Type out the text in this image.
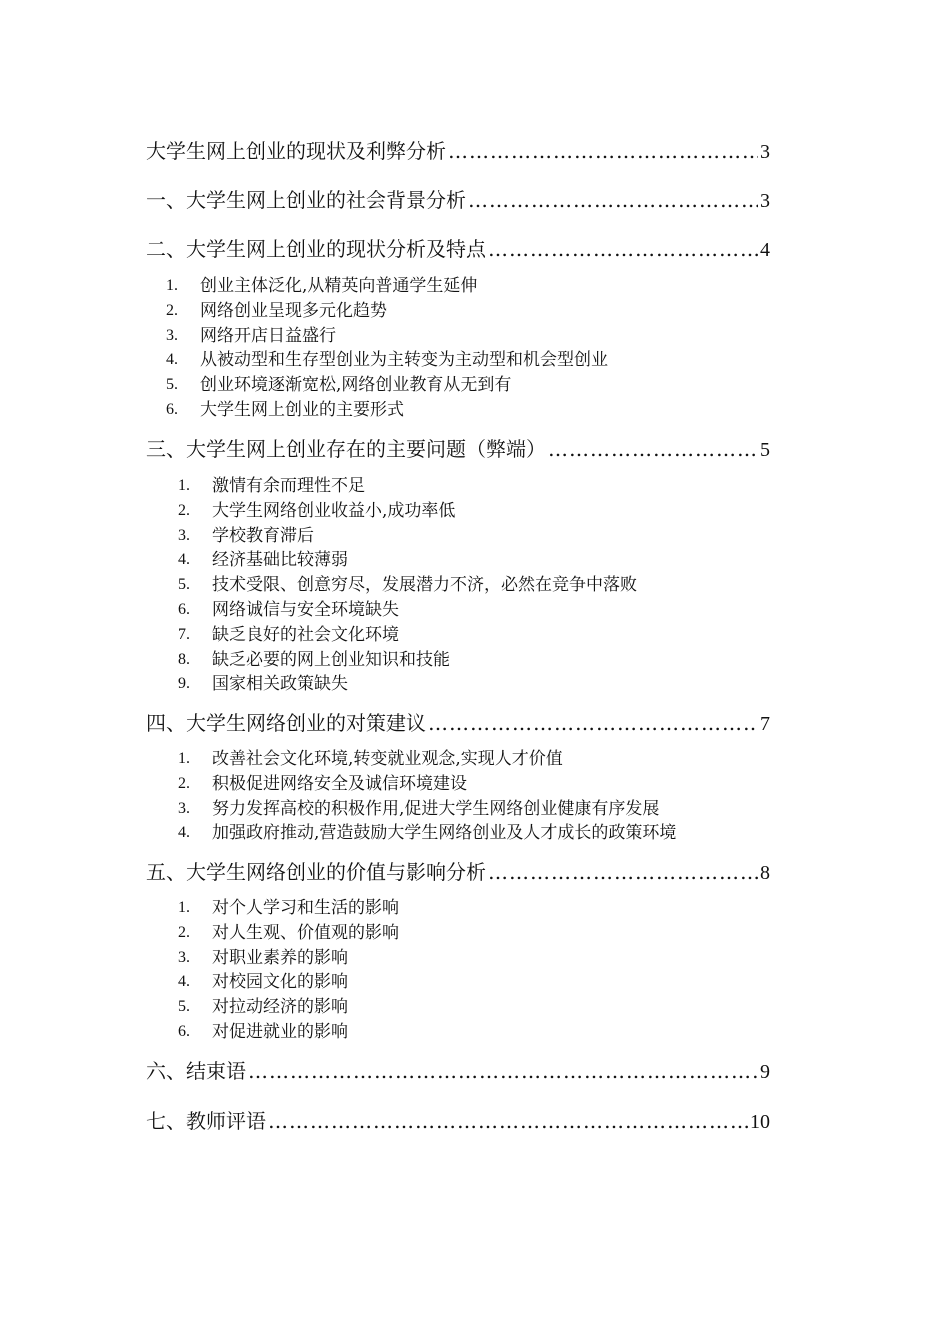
大学生网上创业的现状及利弊分析 …………………………………………………………………………………………………………………………………………	3
一、大学生网上创业的社会背景分析 …………………………………………………………………………………………………………………………………………	3
二、大学生网上创业的现状分析及特点 …………………………………………………………………………………………………………………………………………	4
1.	创业主体泛化,从精英向普通学生延伸
2.	网络创业呈现多元化趋势
3.	网络开店日益盛行
4.	从被动型和生存型创业为主转变为主动型和机会型创业
5.	创业环境逐渐宽松,网络创业教育从无到有
6.	大学生网上创业的主要形式
三、大学生网上创业存在的主要问题（弊端） …………………………………………………………………………………………………………………………………………	5
1.	激情有余而理性不足
2.	大学生网络创业收益小,成功率低
3.	学校教育滞后
4.	经济基础比较薄弱
5.	技术受限、创意穷尽，发展潜力不济，必然在竞争中落败
6.	网络诚信与安全环境缺失
7.	缺乏良好的社会文化环境
8.	缺乏必要的网上创业知识和技能
9.	国家相关政策缺失
四、大学生网络创业的对策建议 …………………………………………………………………………………………………………………………………………	7
1.	改善社会文化环境,转变就业观念,实现人才价值
2.	积极促进网络安全及诚信环境建设
3.	努力发挥高校的积极作用,促进大学生网络创业健康有序发展
4.	加强政府推动,营造鼓励大学生网络创业及人才成长的政策环境
五、大学生网络创业的价值与影响分析 …………………………………………………………………………………………………………………………………………	8
1.	对个人学习和生活的影响
2.	对人生观、价值观的影响
3.	对职业素养的影响
4.	对校园文化的影响
5.	对拉动经济的影响
6.	对促进就业的影响
六、结束语 …………………………………………………………………………………………………………………………………………	9
七、教师评语 …………………………………………………………………………………………………………………………………………	10
